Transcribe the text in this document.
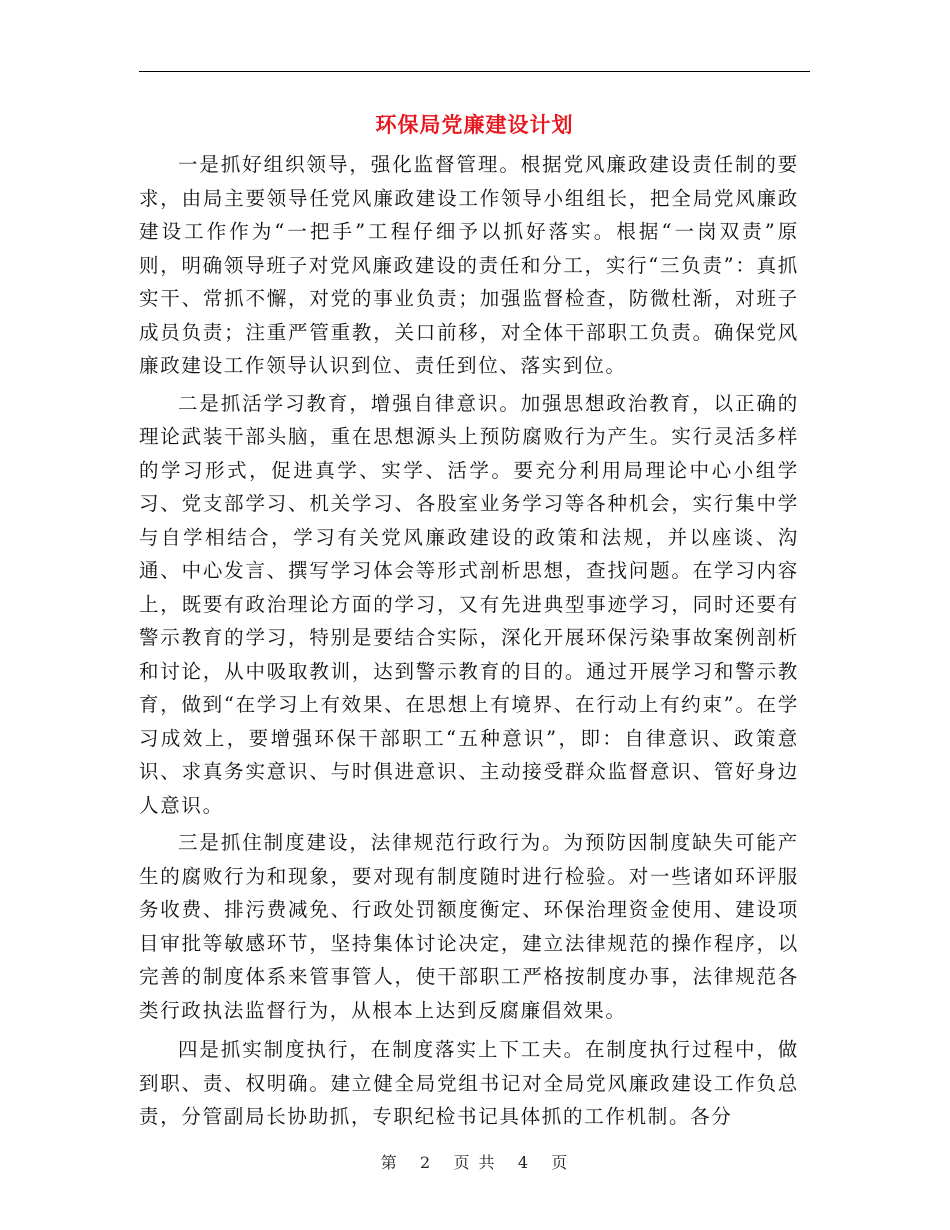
环保局党廉建设计划

一是抓好组织领导，强化监督管理。根据党风廉政建设责任制的要求，由局主要领导任党风廉政建设工作领导小组组长，把全局党风廉政建设工作作为“一把手”工程仔细予以抓好落实。根据“一岗双责”原则，明确领导班子对党风廉政建设的责任和分工，实行“三负责”：真抓实干、常抓不懈，对党的事业负责；加强监督检查，防微杜渐，对班子成员负责；注重严管重教，关口前移，对全体干部职工负责。确保党风廉政建设工作领导认识到位、责任到位、落实到位。

二是抓活学习教育，增强自律意识。加强思想政治教育，以正确的理论武装干部头脑，重在思想源头上预防腐败行为产生。实行灵活多样的学习形式，促进真学、实学、活学。要充分利用局理论中心小组学习、党支部学习、机关学习、各股室业务学习等各种机会，实行集中学与自学相结合，学习有关党风廉政建设的政策和法规，并以座谈、沟通、中心发言、撰写学习体会等形式剖析思想，查找问题。在学习内容上，既要有政治理论方面的学习，又有先进典型事迹学习，同时还要有警示教育的学习，特别是要结合实际，深化开展环保污染事故案例剖析和讨论，从中吸取教训，达到警示教育的目的。通过开展学习和警示教育，做到“在学习上有效果、在思想上有境界、在行动上有约束”。在学习成效上，要增强环保干部职工“五种意识”，即：自律意识、政策意识、求真务实意识、与时俱进意识、主动接受群众监督意识、管好身边人意识。

三是抓住制度建设，法律规范行政行为。为预防因制度缺失可能产生的腐败行为和现象，要对现有制度随时进行检验。对一些诸如环评服务收费、排污费减免、行政处罚额度衡定、环保治理资金使用、建设项目审批等敏感环节，坚持集体讨论决定，建立法律规范的操作程序，以完善的制度体系来管事管人，使干部职工严格按制度办事，法律规范各类行政执法监督行为，从根本上达到反腐廉倡效果。

四是抓实制度执行，在制度落实上下工夫。在制度执行过程中，做到职、责、权明确。建立健全局党组书记对全局党风廉政建设工作负总责，分管副局长协助抓，专职纪检书记具体抓的工作机制。各分

第 2 页 共 4 页
